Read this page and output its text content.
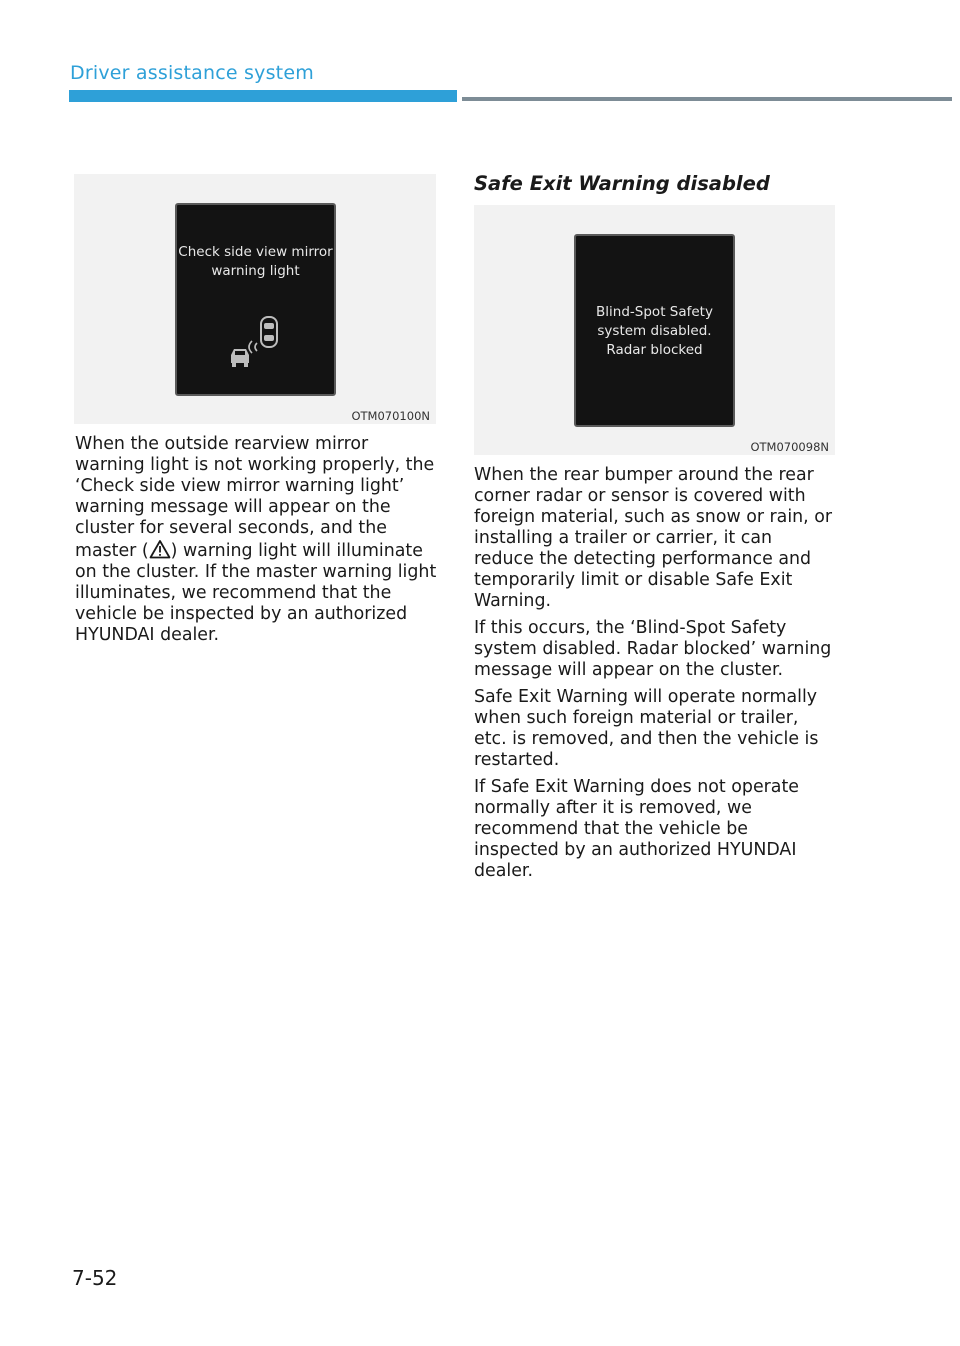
Driver assistance system
Check side view mirror
warning light
OTM070100N

When the outside rearview mirror warning light is not working properly, the ‘Check side view mirror warning light’ warning message will appear on the cluster for several seconds, and the master ( ) warning light will illuminate on the cluster. If the master warning light illuminates, we recommend that the vehicle be inspected by an authorized HYUNDAI dealer.

Safe Exit Warning disabled
Blind-Spot Safety
system disabled.
Radar blocked
OTM070098N

When the rear bumper around the rear corner radar or sensor is covered with foreign material, such as snow or rain, or installing a trailer or carrier, it can reduce the detecting performance and temporarily limit or disable Safe Exit Warning.

If this occurs, the ‘Blind-Spot Safety system disabled. Radar blocked’ warning message will appear on the cluster.

Safe Exit Warning will operate normally when such foreign material or trailer, etc. is removed, and then the vehicle is restarted.

If Safe Exit Warning does not operate normally after it is removed, we recommend that the vehicle be inspected by an authorized HYUNDAI dealer.

7-52
